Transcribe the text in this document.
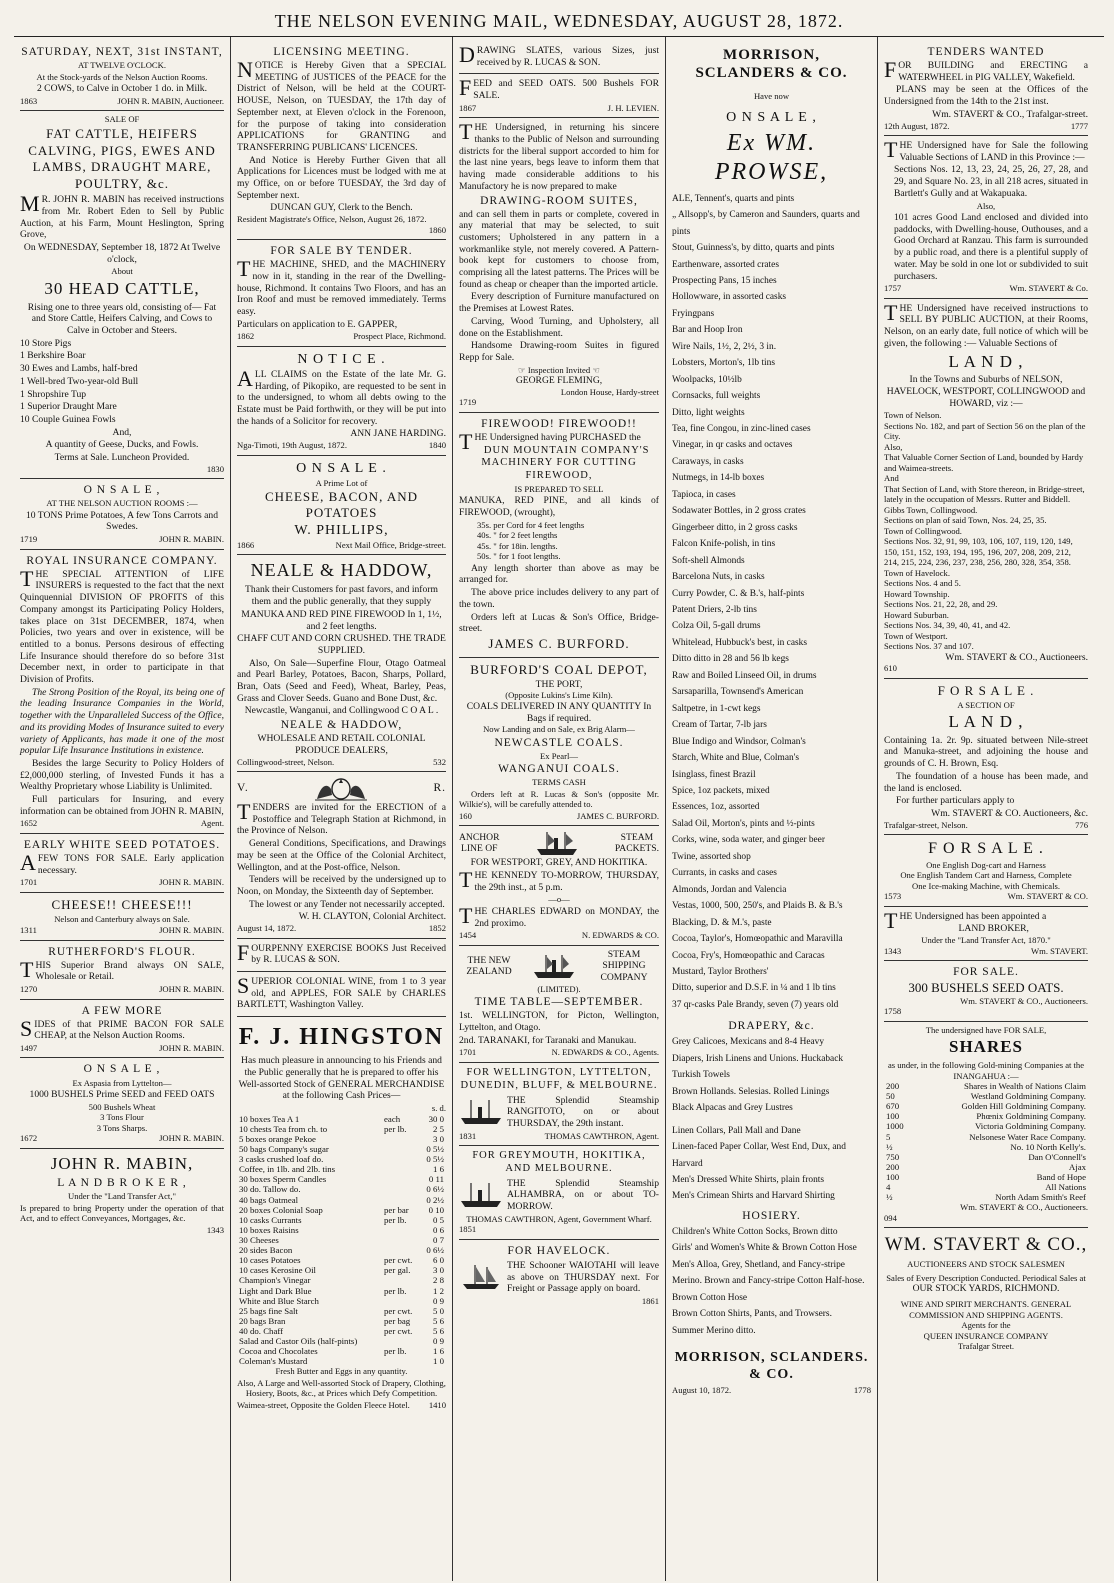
THE NELSON EVENING MAIL, WEDNESDAY, AUGUST 28, 1872.
SATURDAY, NEXT, 31st INSTANT,
AT TWELVE O'CLOCK.

At the Stock-yards of the Nelson Auction Rooms.

2 COWS, to Calve in October 1 do. in Milk.

1863	JOHN R. MABIN, Auctioneer.
SALE OF
FAT CATTLE, HEIFERS CALVING, PIGS, EWES AND LAMBS, DRAUGHT MARE, POULTRY, &c.

MR. JOHN R. MABIN has received instructions from Mr. Robert Eden to Sell by Public Auction, at his Farm, Mount Heslington, Spring Grove,

On WEDNESDAY, September 18, 1872 At Twelve o'clock,

About
30 HEAD CATTLE,

Rising one to three years old, consisting of— Fat and Store Cattle, Heifers Calving, and Cows to Calve in October and Steers.

10 Store Pigs
1 Berkshire Boar
30 Ewes and Lambs, half-bred
1 Well-bred Two-year-old Bull
1 Shropshire Tup
1 Superior Draught Mare
10 Couple Guinea Fowls
And,
A quantity of Geese, Ducks, and Fowls.
Terms at Sale. Luncheon Provided.
1830
O N S A L E ,
AT THE NELSON AUCTION ROOMS :—

10 TONS Prime Potatoes, A few Tons Carrots and Swedes.

1719	JOHN R. MABIN.
ROYAL INSURANCE COMPANY.

THE SPECIAL ATTENTION of LIFE INSURERS is requested to the fact that the next Quinquennial DIVISION OF PROFITS of this Company amongst its Participating Policy Holders, takes place on 31st DECEMBER, 1874, when Policies, two years and over in existence, will be entitled to a bonus. Persons desirous of effecting Life Insurance should therefore do so before 31st December next, in order to participate in that Division of Profits.

The Strong Position of the Royal, its being one of the leading Insurance Companies in the World, together with the Unparalleled Success of the Office, and its providing Modes of Insurance suited to every variety of Applicants, has made it one of the most popular Life Insurance Institutions in existence.

Besides the large Security to Policy Holders of £2,000,000 sterling, of Invested Funds it has a Wealthy Proprietary whose Liability is Unlimited.

Full particulars for Insuring, and every information can be obtained from JOHN R. MABIN,

1652	Agent.
EARLY WHITE SEED POTATOES.

AFEW TONS FOR SALE. Early application necessary.

1701	JOHN R. MABIN.
CHEESE!! CHEESE!!!

Nelson and Canterbury always on Sale.

1311	JOHN R. MABIN.
RUTHERFORD'S FLOUR.

THIS Superior Brand always ON SALE, Wholesale or Retail.

1270	JOHN R. MABIN.
A FEW MORE

SIDES of that PRIME BACON FOR SALE CHEAP, at the Nelson Auction Rooms.

1497	JOHN R. MABIN.
O N S A L E ,
Ex Aspasia from Lyttelton—

1000 BUSHELS Prime SEED and FEED OATS

500 Bushels Wheat
3 Tons Flour
3 Tons Sharps.
1672	JOHN R. MABIN.
JOHN R. MABIN,
L A N D B R O K E R ,
Under the "Land Transfer Act,"

Is prepared to bring Property under the operation of that Act, and to effect Conveyances, Mortgages, &c.

1343
LICENSING MEETING.

NOTICE is Hereby Given that a SPECIAL MEETING of JUSTICES of the PEACE for the District of Nelson, will be held at the COURT-HOUSE, Nelson, on TUESDAY, the 17th day of September next, at Eleven o'clock in the Forenoon, for the purpose of taking into consideration APPLICATIONS for GRANTING and TRANSFERRING PUBLICANS' LICENCES.

And Notice is Hereby Further Given that all Applications for Licences must be lodged with me at my Office, on or before TUESDAY, the 3rd day of September next.

DUNCAN GUY, Clerk to the Bench.
Resident Magistrate's Office, Nelson, August 26, 1872.
1860
FOR SALE BY TENDER.

THE MACHINE, SHED, and the MACHINERY now in it, standing in the rear of the Dwelling-house, Richmond. It contains Two Floors, and has an Iron Roof and must be removed immediately. Terms easy.

Particulars on application to E. GAPPER,

1862	Prospect Place, Richmond.
N O T I C E .

ALL CLAIMS on the Estate of the late Mr. G. Harding, of Pikopiko, are requested to be sent in to the undersigned, to whom all debts owing to the Estate must be Paid forthwith, or they will be put into the hands of a Solicitor for recovery.

ANN JANE HARDING.
Nga-Timoti, 19th August, 1872.	1840
O N S A L E .
A Prime Lot of
CHEESE, BACON, AND POTATOES
W. PHILLIPS,
1866	Next Mail Office, Bridge-street.
NEALE & HADDOW,

Thank their Customers for past favors, and inform them and the public generally, that they supply

MANUKA AND RED PINE FIREWOOD In 1, 1½, and 2 feet lengths.

CHAFF CUT AND CORN CRUSHED. THE TRADE SUPPLIED.

Also, On Sale—Superfine Flour, Otago Oatmeal and Pearl Barley, Potatoes, Bacon, Sharps, Pollard, Bran, Oats (Seed and Feed), Wheat, Barley, Peas, Grass and Clover Seeds. Guano and Bone Dust, &c.

Newcastle, Wanganui, and Collingwood C O A L .
NEALE & HADDOW,
WHOLESALE AND RETAIL COLONIAL PRODUCE DEALERS,
Collingwood-street, Nelson.	532
V.	R.

TENDERS are invited for the ERECTION of a Postoffice and Telegraph Station at Richmond, in the Province of Nelson.

General Conditions, Specifications, and Drawings may be seen at the Office of the Colonial Architect, Wellington, and at the Post-office, Nelson.

Tenders will be received by the undersigned up to Noon, on Monday, the Sixteenth day of September.

The lowest or any Tender not necessarily accepted.

W. H. CLAYTON, Colonial Architect.
August 14, 1872.	1852

FOURPENNY EXERCISE BOOKS Just Received by R. LUCAS & SON.

SUPERIOR COLONIAL WINE, from 1 to 3 year old, and APPLES, FOR SALE by CHARLES BARTLETT, Washington Valley.

F. J. HINGSTON

Has much pleasure in announcing to his Friends and the Public generally that he is prepared to offer his Well-assorted Stock of GENERAL MERCHANDISE at the following Cash Prices—

s. d.
10 boxes Tea A 1	each	30 0
10 chests Tea from ch. to	per lb.	2 5
5 boxes orange Pekoe		3 0
50 bags Company's sugar		0 5½
3 casks crushed loaf do.		0 5½
Coffee, in 1lb. and 2lb. tins		1 6
30 boxes Sperm Candles		0 11
30 do. Tallow do.		0 6½
40 bags Oatmeal		0 2½
20 boxes Colonial Soap	per bar	0 10
10 casks Currants	per lb.	0 5
10 boxes Raisins		0 6
30 Cheeses		0 7
20 sides Bacon		0 6½
10 cases Potatoes	per cwt.	6 0
10 cases Kerosine Oil	per gal.	3 0
Champion's Vinegar		2 8
Light and Dark Blue	per lb.	1 2
White and Blue Starch		0 9
25 bags fine Salt	per cwt.	5 0
20 bags Bran	per bag	5 6
40 do. Chaff	per cwt.	5 6
Salad and Castor Oils (half-pints)		0 9
Cocoa and Chocolates	per lb.	1 6
Coleman's Mustard		1 0
Fresh Butter and Eggs in any quantity.

Also, A Large and Well-assorted Stock of Drapery, Clothing, Hosiery, Boots, &c., at Prices which Defy Competition.

Waimea-street, Opposite the Golden Fleece Hotel. 1410

DRAWING SLATES, various Sizes, just received by R. LUCAS & SON.

FEED and SEED OATS. 500 Bushels FOR SALE.

1867	J. H. LEVIEN.

THE Undersigned, in returning his sincere thanks to the Public of Nelson and surrounding districts for the liberal support accorded to him for the last nine years, begs leave to inform them that having made considerable additions to his Manufactory he is now prepared to make

DRAWING-ROOM SUITES,

and can sell them in parts or complete, covered in any material that may be selected, to suit customers; Upholstered in any pattern in a workmanlike style, not merely covered. A Pattern-book kept for customers to choose from, comprising all the latest patterns. The Prices will be found as cheap or cheaper than the imported article.

Every description of Furniture manufactured on the Premises at Lowest Rates.

Carving, Wood Turning, and Upholstery, all done on the Establishment.

Handsome Drawing-room Suites in figured Repp for Sale.

☞ Inspection Invited ☜
GEORGE FLEMING,
London House, Hardy-street
1719
FIREWOOD! FIREWOOD!!

THE Undersigned having PURCHASED the

DUN MOUNTAIN COMPANY'S MACHINERY FOR CUTTING FIREWOOD,
IS PREPARED TO SELL

MANUKA, RED PINE, and all kinds of FIREWOOD, (wrought),

35s. per Cord for 4 feet lengths
40s. " for 2 feet lengths
45s. " for 18in. lengths.
50s. " for 1 foot lengths.

Any length shorter than above as may be arranged for.

The above price includes delivery to any part of the town.

Orders left at Lucas & Son's Office, Bridge-street.

JAMES C. BURFORD.
BURFORD'S COAL DEPOT,
THE PORT,
(Opposite Lukins's Lime Kiln).
COALS DELIVERED IN ANY QUANTITY In Bags if required.
Now Landing and on Sale, ex Brig Alarm—
NEWCASTLE COALS.
Ex Pearl—
WANGANUI COALS.
TERMS CASH

Orders left at R. Lucas & Son's (opposite Mr. Wilkie's), will be carefully attended to.

160	JAMES C. BURFORD.
ANCHOR
LINE OF
STEAM
PACKETS.
FOR WESTPORT, GREY, AND HOKITIKA.

THE KENNEDY TO-MORROW, THURSDAY, the 29th inst., at 5 p.m.

—o—

THE CHARLES EDWARD on MONDAY, the 2nd proximo.

1454	N. EDWARDS & CO.
THE NEW ZEALAND
STEAM SHIPPING COMPANY
(LIMITED).
TIME TABLE—SEPTEMBER.

1st. WELLINGTON, for Picton, Wellington, Lyttelton, and Otago.

2nd. TARANAKI, for Taranaki and Manukau.

1701	N. EDWARDS & CO., Agents.
FOR WELLINGTON, LYTTELTON, DUNEDIN, BLUFF, & MELBOURNE.

THE Splendid Steamship RANGITOTO, on or about THURSDAY, the 29th instant.

1831	THOMAS CAWTHRON, Agent.
FOR GREYMOUTH, HOKITIKA, AND MELBOURNE.

THE Splendid Steamship ALHAMBRA, on or about TO-MORROW.

THOMAS CAWTHRON, Agent, Government Wharf.
1851
FOR HAVELOCK.

THE Schooner WAIOTAHI will leave as above on THURSDAY next. For Freight or Passage apply on board.

1861
MORRISON, SCLANDERS & CO.
Have now
O N S A L E ,
Ex WM. PROWSE,
ALE, Tennent's, quarts and pints
„ Allsopp's, by Cameron and Saunders, quarts and pints
Stout, Guinness's, by ditto, quarts and pints
Earthenware, assorted crates
Prospecting Pans, 15 inches
Hollowware, in assorted casks
Fryingpans
Bar and Hoop Iron
Wire Nails, 1½, 2, 2½, 3 in.
Lobsters, Morton's, 1lb tins
Woolpacks, 10½lb
Cornsacks, full weights
Ditto, light weights
Tea, fine Congou, in zinc-lined cases
Vinegar, in qr casks and octaves
Caraways, in casks
Nutmegs, in 14-lb boxes
Tapioca, in cases
Sodawater Bottles, in 2 gross crates
Gingerbeer ditto, in 2 gross casks
Falcon Knife-polish, in tins
Soft-shell Almonds
Barcelona Nuts, in casks
Curry Powder, C. & B.'s, half-pints
Patent Driers, 2-lb tins
Colza Oil, 5-gall drums
Whitelead, Hubbuck's best, in casks
Ditto ditto in 28 and 56 lb kegs
Raw and Boiled Linseed Oil, in drums
Sarsaparilla, Townsend's American
Saltpetre, in 1-cwt kegs
Cream of Tartar, 7-lb jars
Blue Indigo and Windsor, Colman's
Starch, White and Blue, Colman's
Isinglass, finest Brazil
Spice, 1oz packets, mixed
Essences, 1oz, assorted
Salad Oil, Morton's, pints and ½-pints
Corks, wine, soda water, and ginger beer
Twine, assorted shop
Currants, in casks and cases
Almonds, Jordan and Valencia
Vestas, 1000, 500, 250's, and Plaids B. & B.'s
Blacking, D. & M.'s, paste
Cocoa, Taylor's, Homœopathic and Maravilla
Cocoa, Fry's, Homœopathic and Caracas
Mustard, Taylor Brothers'
Ditto, superior and D.S.F. in ¼ and 1 lb tins
37 qr-casks Pale Brandy, seven (7) years old
DRAPERY, &c.
Grey Calicoes, Mexicans and 8-4 Heavy
Diapers, Irish Linens and Unions. Huckaback
Turkish Towels
Brown Hollands. Selesias. Rolled Linings
Black Alpacas and Grey Lustres
Linen Collars, Pall Mall and Dane
Linen-faced Paper Collar, West End, Dux, and Harvard
Men's Dressed White Shirts, plain fronts
Men's Crimean Shirts and Harvard Shirting
HOSIERY.
Children's White Cotton Socks, Brown ditto
Girls' and Women's White & Brown Cotton Hose
Men's Alloa, Grey, Shetland, and Fancy-stripe Merino. Brown and Fancy-stripe Cotton Half-hose. Brown Cotton Hose
Brown Cotton Shirts, Pants, and Trowsers.
Summer Merino ditto.
MORRISON, SCLANDERS. & CO.
August 10, 1872.	1778
TENDERS WANTED

FOR BUILDING and ERECTING a WATERWHEEL in PIG VALLEY, Wakefield.

PLANS may be seen at the Offices of the Undersigned from the 14th to the 21st inst.

Wm. STAVERT & CO., Trafalgar-street.
12th August, 1872.	1777

THE Undersigned have for Sale the following Valuable Sections of LAND in this Province :—

Sections Nos. 12, 13, 23, 24, 25, 26, 27, 28, and 29, and Square No. 23, in all 218 acres, situated in Bartlett's Gully and at Wakapuaka.

Also,

101 acres Good Land enclosed and divided into paddocks, with Dwelling-house, Outhouses, and a Good Orchard at Ranzau. This farm is surrounded by a public road, and there is a plentiful supply of water. May be sold in one lot or subdivided to suit purchasers.

1757	Wm. STAVERT & Co.

THE Undersigned have received instructions to SELL BY PUBLIC AUCTION, at their Rooms, Nelson, on an early date, full notice of which will be given, the following :— Valuable Sections of

L A N D ,

In the Towns and Suburbs of NELSON, HAVELOCK, WESTPORT, COLLINGWOOD and HOWARD, viz :—

Town of Nelson.
Sections No. 182, and part of Section 56 on the plan of the City.
Also,
That Valuable Corner Section of Land, bounded by Hardy and Waimea-streets.
And
That Section of Land, with Store thereon, in Bridge-street, lately in the occupation of Messrs. Rutter and Biddell.
Gibbs Town, Collingwood.
Sections on plan of said Town, Nos. 24, 25, 35.
Town of Collingwood.
Sections Nos. 32, 91, 99, 103, 106, 107, 119, 120, 149, 150, 151, 152, 193, 194, 195, 196, 207, 208, 209, 212, 214, 215, 224, 236, 237, 238, 256, 280, 328, 354, 358.
Town of Havelock.
Sections Nos. 4 and 5.
Howard Township.
Sections Nos. 21, 22, 28, and 29.
Howard Suburban.
Sections Nos. 34, 39, 40, 41, and 42.
Town of Westport.
Sections Nos. 37 and 107.
Wm. STAVERT & CO., Auctioneers.
610
F O R S A L E .
A SECTION OF
L A N D ,

Containing 1a. 2r. 9p. situated between Nile-street and Manuka-street, and adjoining the house and grounds of C. H. Brown, Esq.

The foundation of a house has been made, and the land is enclosed.

For further particulars apply to

Wm. STAVERT & CO. Auctioneers, &c.
Trafalgar-street, Nelson.	776
F O R S A L E .
One English Dog-cart and Harness
One English Tandem Cart and Harness, Complete
One Ice-making Machine, with Chemicals.
1573	Wm. STAVERT & CO.

THE Undersigned has been appointed a

LAND BROKER,
Under the "Land Transfer Act, 1870."
1343	Wm. STAVERT.
FOR SALE.
300 BUSHELS SEED OATS.
Wm. STAVERT & CO., Auctioneers.
1758
The undersigned have FOR SALE,
SHARES
as under, in the following Gold-mining Companies at the INANGAHUA :—
200	Shares in Wealth of Nations Claim
50	Westland Goldmining Company.
670	Golden Hill Goldmining Company.
100	Phœnix Goldmining Company.
1000	Victoria Goldmining Company.
5	Nelsonese Water Race Company.
½	No. 10 North Kelly's.
750	Dan O'Connell's
200	Ajax
100	Band of Hope
4	All Nations
½	North Adam Smith's Reef
Wm. STAVERT & CO., Auctioneers.
094
WM. STAVERT & CO.,
AUCTIONEERS AND STOCK SALESMEN
Sales of Every Description Conducted. Periodical Sales at
OUR STOCK YARDS, RICHMOND.
WINE AND SPIRIT MERCHANTS. GENERAL COMMISSION AND SHIPPING AGENTS.
Agents for the
QUEEN INSURANCE COMPANY
Trafalgar Street.
